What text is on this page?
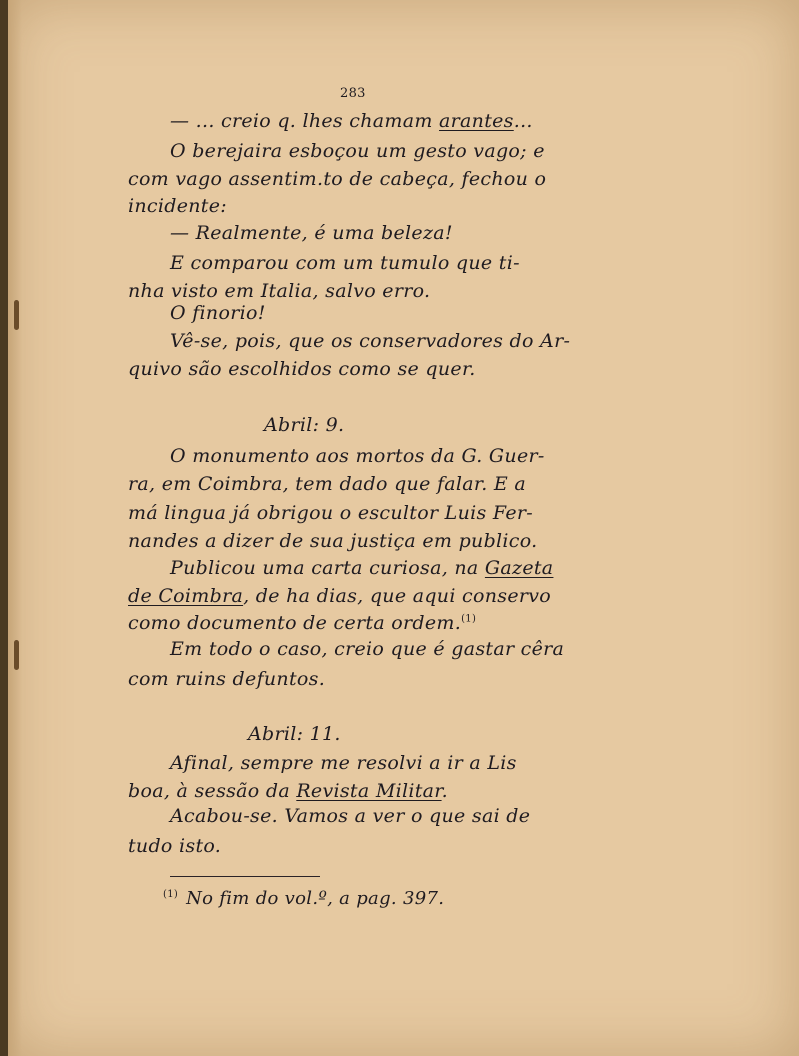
283
— ... creio q. lhes chamam arantes...
O berejaira esboçou um gesto vago; e
com vago assentim.to de cabeça, fechou o
incidente:
— Realmente, é uma beleza!
E comparou com um tumulo que ti-
nha visto em Italia, salvo erro.
O finorio!
Vê-se, pois, que os conservadores do Ar-
quivo são escolhidos como se quer.
Abril: 9.
O monumento aos mortos da G. Guer-
ra, em Coimbra, tem dado que falar. E a
má lingua já obrigou o escultor Luis Fer-
nandes a dizer de sua justiça em publico.
Publicou uma carta curiosa, na Gazeta
de Coimbra, de ha dias, que aqui conservo
como documento de certa ordem.$^{(1)}$
Em todo o caso, creio que é gastar cêra
com ruins defuntos.
Abril: 11.
Afinal, sempre me resolvi a ir a Lis
boa, à sessão da Revista Militar.
Acabou-se. Vamos a ver o que sai de
tudo isto.
$^{(1)}$ No fim do vol.º, a pag. 397.
